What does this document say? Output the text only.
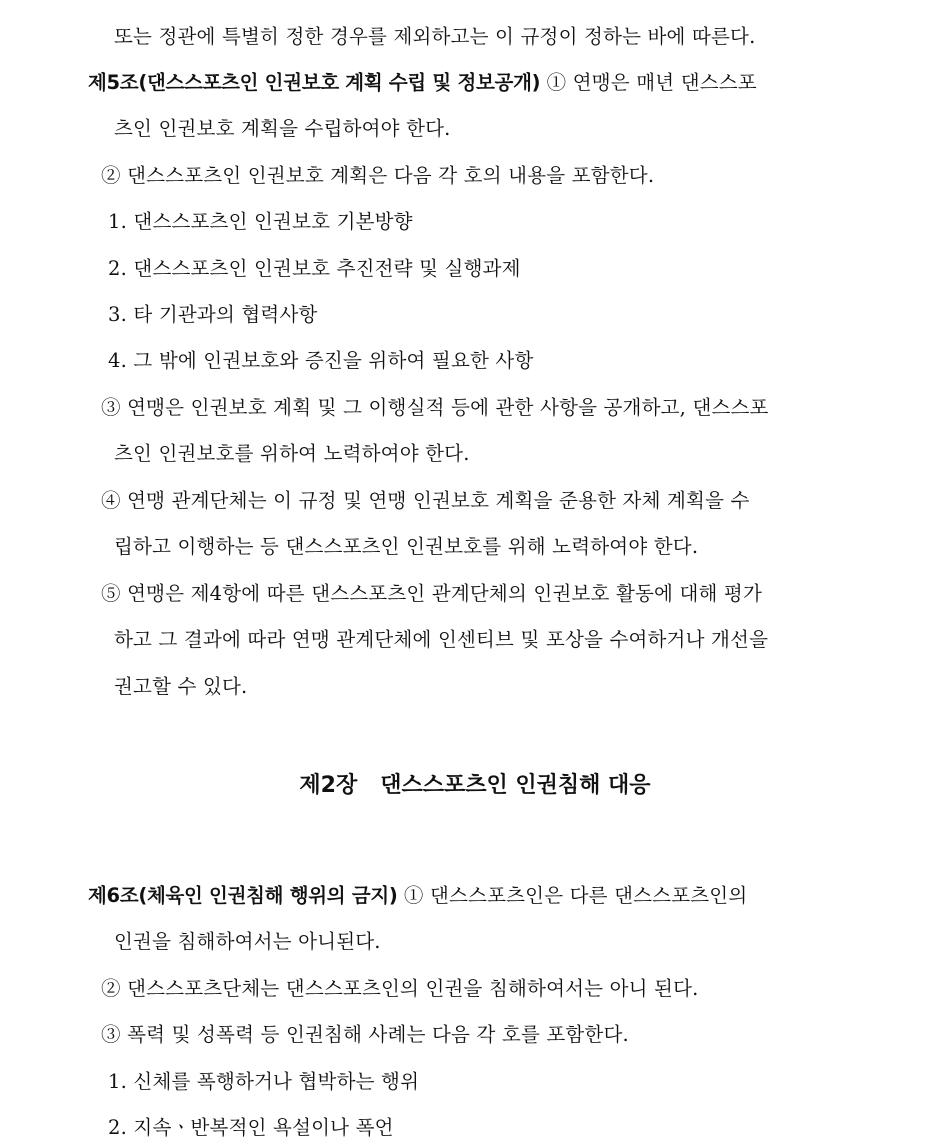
또는 정관에 특별히 정한 경우를 제외하고는 이 규정이 정하는 바에 따른다.
제5조(댄스스포츠인 인권보호 계획 수립 및 정보공개) ① 연맹은 매년 댄스스포
츠인 인권보호 계획을 수립하여야 한다.
② 댄스스포츠인 인권보호 계획은 다음 각 호의 내용을 포함한다.
1. 댄스스포츠인 인권보호 기본방향
2. 댄스스포츠인 인권보호 추진전략 및 실행과제
3. 타 기관과의 협력사항
4. 그 밖에 인권보호와 증진을 위하여 필요한 사항
③ 연맹은 인권보호 계획 및 그 이행실적 등에 관한 사항을 공개하고, 댄스스포
츠인 인권보호를 위하여 노력하여야 한다.
④ 연맹 관계단체는 이 규정 및 연맹 인권보호 계획을 준용한 자체 계획을 수
립하고 이행하는 등 댄스스포츠인 인권보호를 위해 노력하여야 한다.
⑤ 연맹은 제4항에 따른 댄스스포츠인 관계단체의 인권보호 활동에 대해 평가
하고 그 결과에 따라 연맹 관계단체에 인센티브 및 포상을 수여하거나 개선을
권고할 수 있다.
제2장   댄스스포츠인 인권침해 대응
제6조(체육인 인권침해 행위의 금지) ① 댄스스포츠인은 다른 댄스스포츠인의
인권을 침해하여서는 아니된다.
② 댄스스포츠단체는 댄스스포츠인의 인권을 침해하여서는 아니 된다.
③ 폭력 및 성폭력 등 인권침해 사례는 다음 각 호를 포함한다.
1. 신체를 폭행하거나 협박하는 행위
2. 지속ㆍ반복적인 욕설이나 폭언
